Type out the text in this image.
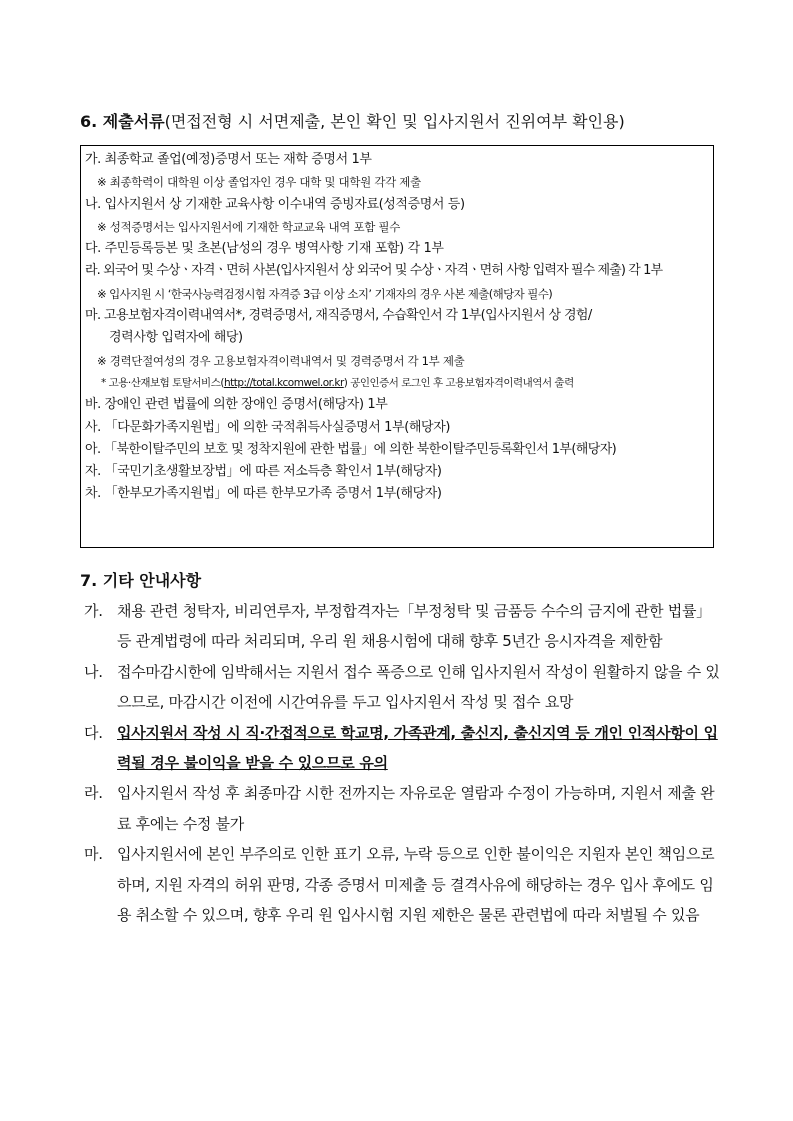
6. 제출서류(면접전형 시 서면제출, 본인 확인 및 입사지원서 진위여부 확인용)
가. 최종학교 졸업(예정)증명서 또는 재학 증명서 1부
※ 최종학력이 대학원 이상 졸업자인 경우 대학 및 대학원 각각 제출
나. 입사지원서 상 기재한 교육사항 이수내역 증빙자료(성적증명서 등)
※ 성적증명서는 입사지원서에 기재한 학교교육 내역 포함 필수
다. 주민등록등본 및 초본(남성의 경우 병역사항 기재 포함) 각 1부
라. 외국어 및 수상ㆍ자격ㆍ면허 사본(입사지원서 상 외국어 및 수상ㆍ자격ㆍ면허 사항 입력자 필수 제출) 각 1부
※ 입사지원 시 ‘한국사능력검정시험 자격증 3급 이상 소지’ 기재자의 경우 사본 제출(해당자 필수)
마. 고용보험자격이력내역서*, 경력증명서, 재직증명서, 수습확인서 각 1부(입사지원서 상 경험/
경력사항 입력자에 해당)
※ 경력단절여성의 경우 고용보험자격이력내역서 및 경력증명서 각 1부 제출
* 고용·산재보험 토탈서비스(http://total.kcomwel.or.kr) 공인인증서 로그인 후 고용보험자격이력내역서 출력
바. 장애인 관련 법률에 의한 장애인 증명서(해당자) 1부
사. 「다문화가족지원법」에 의한 국적취득사실증명서 1부(해당자)
아. 「북한이탈주민의 보호 및 정착지원에 관한 법률」에 의한 북한이탈주민등록확인서 1부(해당자)
자. 「국민기초생활보장법」에 따른 저소득층 확인서 1부(해당자)
차. 「한부모가족지원법」에 따른 한부모가족 증명서 1부(해당자)
7. 기타 안내사항
가. 채용 관련 청탁자, 비리연루자, 부정합격자는「부정청탁 및 금품등 수수의 금지에 관한 법률」등 관계법령에 따라 처리되며, 우리 원 채용시험에 대해 향후 5년간 응시자격을 제한함
나. 접수마감시한에 임박해서는 지원서 접수 폭증으로 인해 입사지원서 작성이 원활하지 않을 수 있으므로, 마감시간 이전에 시간여유를 두고 입사지원서 작성 및 접수 요망
다. 입사지원서 작성 시 직·간접적으로 학교명, 가족관계, 출신지, 출신지역 등 개인 인적사항이 입력될 경우 불이익을 받을 수 있으므로 유의
라. 입사지원서 작성 후 최종마감 시한 전까지는 자유로운 열람과 수정이 가능하며, 지원서 제출 완료 후에는 수정 불가
마. 입사지원서에 본인 부주의로 인한 표기 오류, 누락 등으로 인한 불이익은 지원자 본인 책임으로 하며, 지원 자격의 허위 판명, 각종 증명서 미제출 등 결격사유에 해당하는 경우 입사 후에도 임용 취소할 수 있으며, 향후 우리 원 입사시험 지원 제한은 물론 관련법에 따라 처벌될 수 있음
